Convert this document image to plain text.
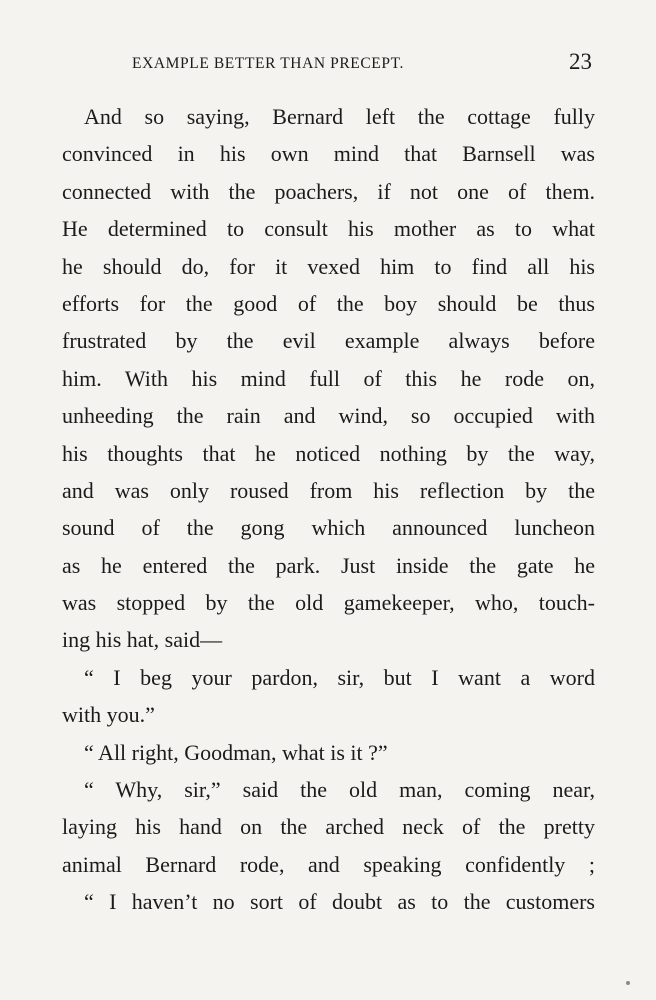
EXAMPLE BETTER THAN PRECEPT.	23
 And so saying, Bernard left the cottage fully
convinced in his own mind that Barnsell was
connected with the poachers, if not one of them.
He determined to consult his mother as to what
he should do, for it vexed him to find all his
efforts for the good of the boy should be thus
frustrated by the evil example always before
him. With his mind full of this he rode on,
unheeding the rain and wind, so occupied with
his thoughts that he noticed nothing by the way,
and was only roused from his reflection by the
sound of the gong which announced luncheon
as he entered the park. Just inside the gate he
was stopped by the old gamekeeper, who, touch-
ing his hat, said—
 “ I beg your pardon, sir, but I want a word
with you.”
 “ All right, Goodman, what is it ?”
 “ Why, sir,” said the old man, coming near,
laying his hand on the arched neck of the pretty
animal Bernard rode, and speaking confidently ;
 “ I haven’t no sort of doubt as to the customers
